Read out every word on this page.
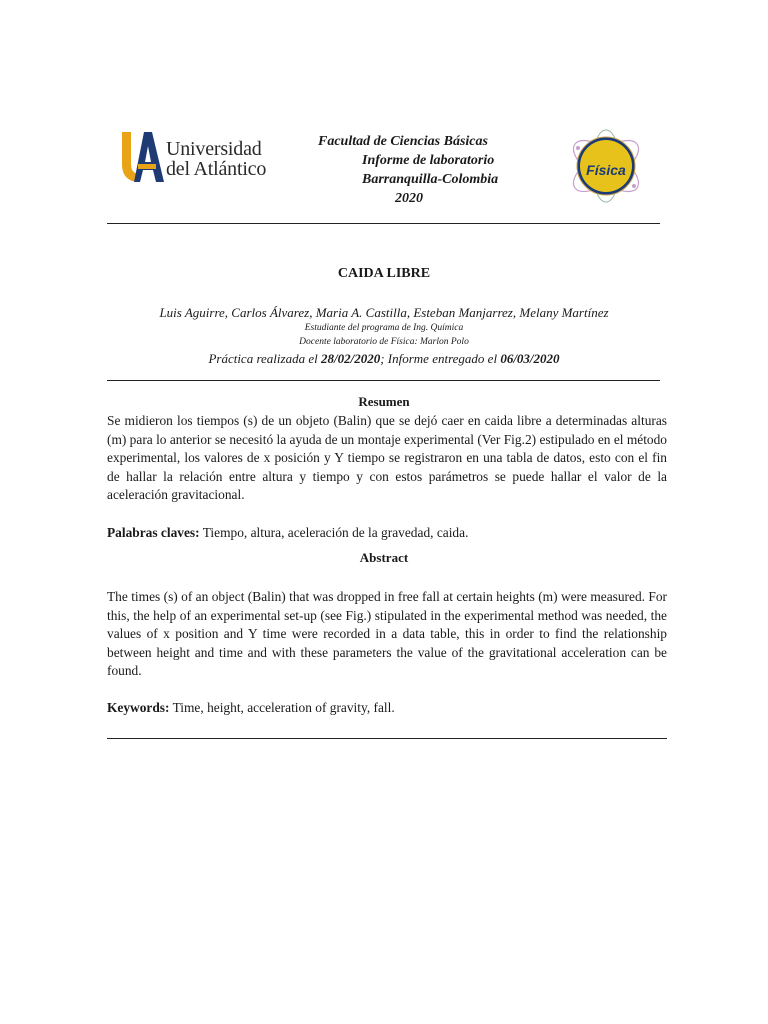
Universidad
del Atlántico
Facultad de Ciencias Básicas
Informe de laboratorio
Barranquilla-Colombia
2020
Física
CAIDA LIBRE
Luis Aguirre, Carlos Álvarez, Maria A. Castilla, Esteban Manjarrez, Melany Martínez
Estudiante del programa de Ing. Química
Docente laboratorio de Física: Marlon Polo
Práctica realizada el 28/02/2020; Informe entregado el 06/03/2020
Resumen
Se midieron los tiempos (s) de un objeto (Balin) que se dejó caer en caida libre a determinadas alturas (m) para lo anterior se necesitó la ayuda de un montaje experimental (Ver Fig.2) estipulado en el método experimental, los valores de x posición y Y tiempo se registraron en una tabla de datos, esto con el fin de hallar la relación entre altura y tiempo y con estos parámetros se puede hallar el valor de la aceleración gravitacional.
Palabras claves: Tiempo, altura, aceleración de la gravedad, caida.
Abstract
The times (s) of an object (Balin) that was dropped in free fall at certain heights (m) were measured. For this, the help of an experimental set-up (see Fig.) stipulated in the experimental method was needed, the values of x position and Y time were recorded in a data table, this in order to find the relationship between height and time and with these parameters the value of the gravitational acceleration can be found.
Keywords: Time, height, acceleration of gravity, fall.
